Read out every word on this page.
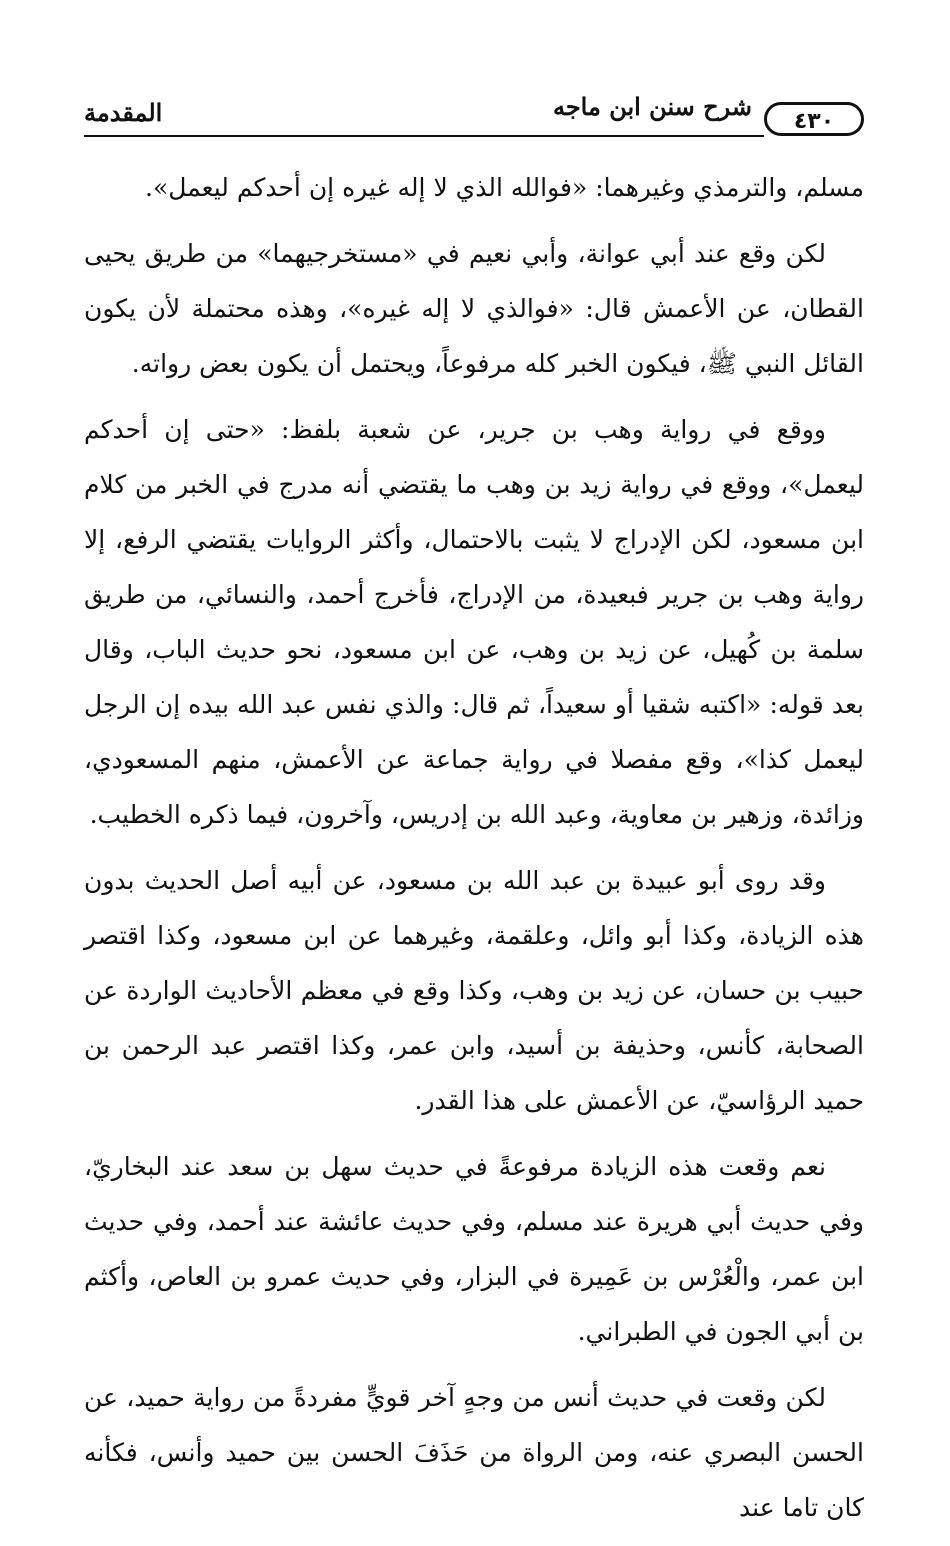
٤٣٠
شرح سنن ابن ماجه
المقدمة

مسلم، والترمذي وغيرهما: «فوالله الذي لا إله غيره إن أحدكم ليعمل».

لكن وقع عند أبي عوانة، وأبي نعيم في «مستخرجيهما» من طريق يحيى القطان، عن الأعمش قال: «فوالذي لا إله غيره»، وهذه محتملة لأن يكون القائل النبي ﷺ، فيكون الخبر كله مرفوعاً، ويحتمل أن يكون بعض رواته.

ووقع في رواية وهب بن جرير، عن شعبة بلفظ: «حتى إن أحدكم ليعمل»، ووقع في رواية زيد بن وهب ما يقتضي أنه مدرج في الخبر من كلام ابن مسعود، لكن الإدراج لا يثبت بالاحتمال، وأكثر الروايات يقتضي الرفع، إلا رواية وهب بن جرير فبعيدة، من الإدراج، فأخرج أحمد، والنسائي، من طريق سلمة بن كُهيل، عن زيد بن وهب، عن ابن مسعود، نحو حديث الباب، وقال بعد قوله: «اكتبه شقيا أو سعيداً، ثم قال: والذي نفس عبد الله بيده إن الرجل ليعمل كذا»، وقع مفصلا في رواية جماعة عن الأعمش، منهم المسعودي، وزائدة، وزهير بن معاوية، وعبد الله بن إدريس، وآخرون، فيما ذكره الخطيب.

وقد روى أبو عبيدة بن عبد الله بن مسعود، عن أبيه أصل الحديث بدون هذه الزيادة، وكذا أبو وائل، وعلقمة، وغيرهما عن ابن مسعود، وكذا اقتصر حبيب بن حسان، عن زيد بن وهب، وكذا وقع في معظم الأحاديث الواردة عن الصحابة، كأنس، وحذيفة بن أسيد، وابن عمر، وكذا اقتصر عبد الرحمن بن حميد الرؤاسيّ، عن الأعمش على هذا القدر.

نعم وقعت هذه الزيادة مرفوعةً في حديث سهل بن سعد عند البخاريّ، وفي حديث أبي هريرة عند مسلم، وفي حديث عائشة عند أحمد، وفي حديث ابن عمر، والْعُرْس بن عَمِيرة في البزار، وفي حديث عمرو بن العاص، وأكثم بن أبي الجون في الطبراني.

لكن وقعت في حديث أنس من وجهٍ آخر قويٍّ مفردةً من رواية حميد، عن الحسن البصري عنه، ومن الرواة من حَذَفَ الحسن بين حميد وأنس، فكأنه كان تاما عند
